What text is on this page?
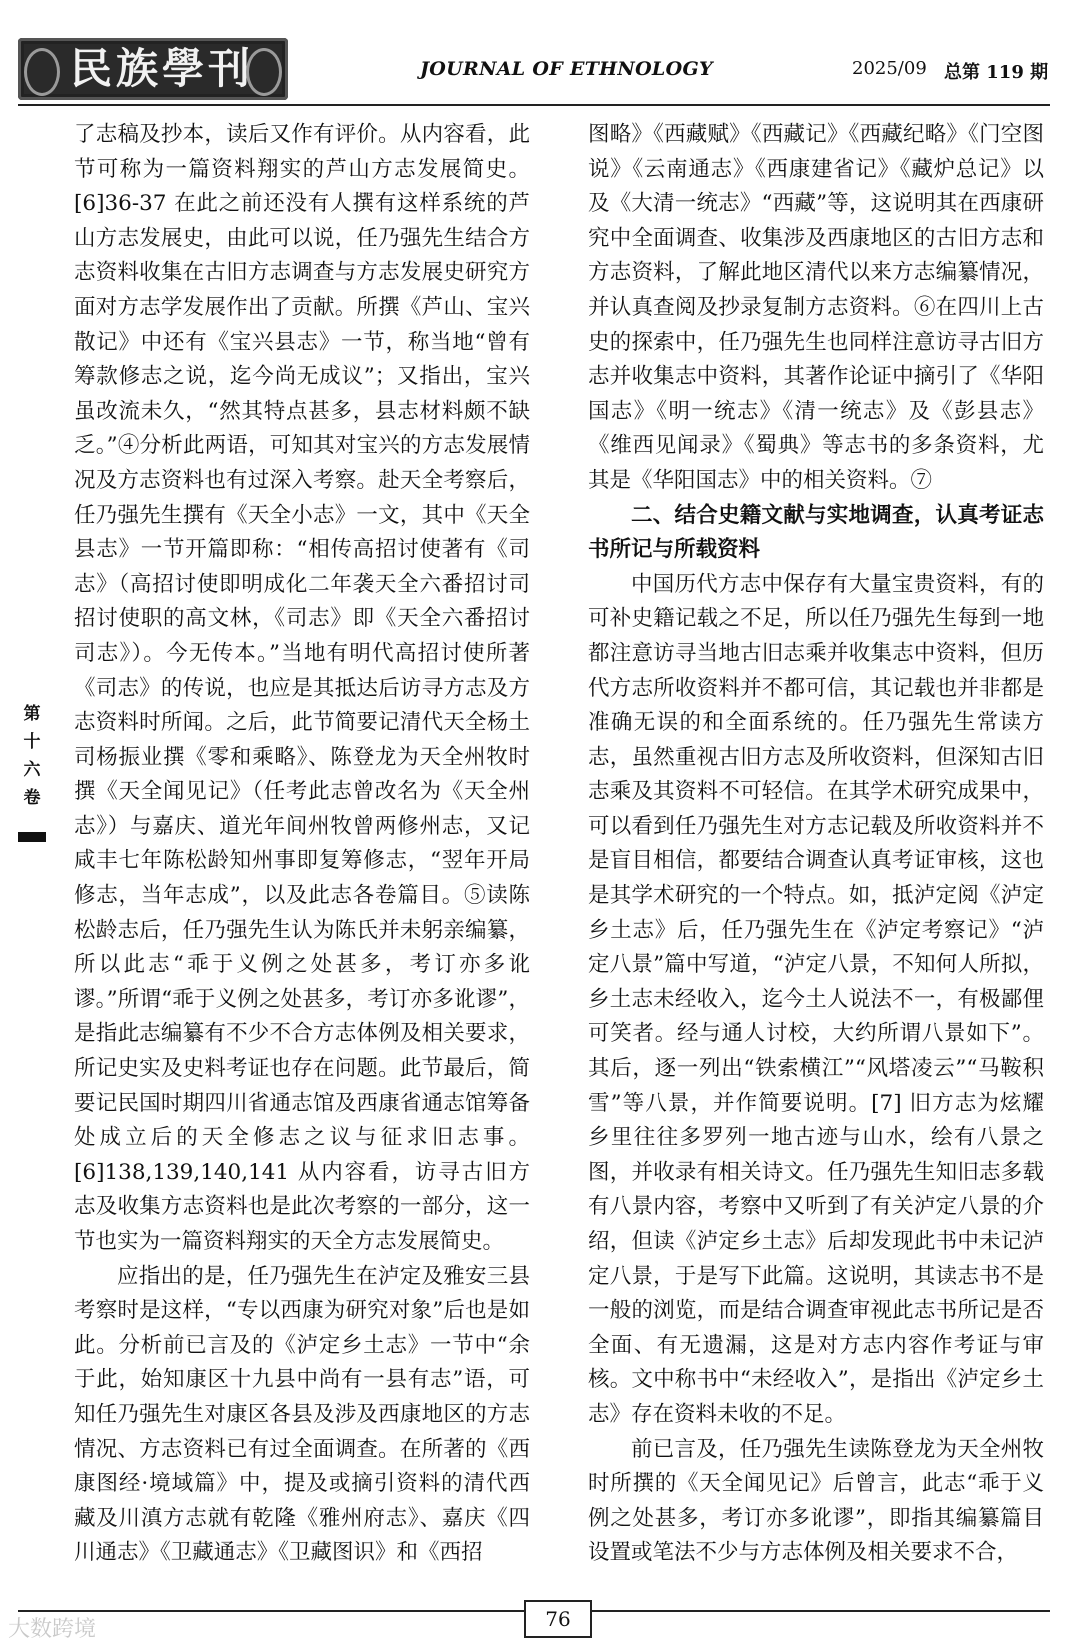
民族學刊	JOURNAL OF ETHNOLOGY	2025/09 总第 119 期
第
十
六
卷

了志稿及抄本，读后又作有评价。从内容看，此节可称为一篇资料翔实的芦山方志发展简史。[6]36-37 在此之前还没有人撰有这样系统的芦山方志发展史，由此可以说，任乃强先生结合方志资料收集在古旧方志调查与方志发展史研究方面对方志学发展作出了贡献。所撰《芦山、宝兴散记》中还有《宝兴县志》一节，称当地“曾有筹款修志之说，迄今尚无成议”；又指出，宝兴虽改流未久，“然其特点甚多，县志材料颇不缺乏。”④分析此两语，可知其对宝兴的方志发展情况及方志资料也有过深入考察。赴天全考察后，任乃强先生撰有《天全小志》一文，其中《天全县志》一节开篇即称：“相传高招讨使著有《司志》（高招讨使即明成化二年袭天全六番招讨司招讨使职的高文林，《司志》即《天全六番招讨司志》）。今无传本。”当地有明代高招讨使所著《司志》的传说，也应是其抵达后访寻方志及方志资料时所闻。之后，此节简要记清代天全杨土司杨振业撰《零和乘略》、陈登龙为天全州牧时撰《天全闻见记》（任考此志曾改名为《天全州志》）与嘉庆、道光年间州牧曾两修州志，又记咸丰七年陈松龄知州事即复筹修志，“翌年开局修志，当年志成”，以及此志各卷篇目。⑤读陈松龄志后，任乃强先生认为陈氏并未躬亲编纂，所以此志“乖于义例之处甚多，考订亦多讹谬。”所谓“乖于义例之处甚多，考订亦多讹谬”，是指此志编纂有不少不合方志体例及相关要求，所记史实及史料考证也存在问题。此节最后，简要记民国时期四川省通志馆及西康省通志馆筹备处成立后的天全修志之议与征求旧志事。[6]138,139,140,141 从内容看，访寻古旧方志及收集方志资料也是此次考察的一部分，这一节也实为一篇资料翔实的天全方志发展简史。

应指出的是，任乃强先生在泸定及雅安三县考察时是这样，“专以西康为研究对象”后也是如此。分析前已言及的《泸定乡土志》一节中“余于此，始知康区十九县中尚有一县有志”语，可知任乃强先生对康区各县及涉及西康地区的方志情况、方志资料已有过全面调查。在所著的《西康图经·境域篇》中，提及或摘引资料的清代西藏及川滇方志就有乾隆《雅州府志》、嘉庆《四川通志》《卫藏通志》《卫藏图识》和《西招

图略》《西藏赋》《西藏记》《西藏纪略》《门空图说》《云南通志》《西康建省记》《藏炉总记》以及《大清一统志》“西藏”等，这说明其在西康研究中全面调查、收集涉及西康地区的古旧方志和方志资料，了解此地区清代以来方志编纂情况，并认真查阅及抄录复制方志资料。⑥在四川上古史的探索中，任乃强先生也同样注意访寻古旧方志并收集志中资料，其著作论证中摘引了《华阳国志》《明一统志》《清一统志》及《彭县志》《维西见闻录》《蜀典》等志书的多条资料，尤其是《华阳国志》中的相关资料。⑦

二、结合史籍文献与实地调查，认真考证志书所记与所载资料

中国历代方志中保存有大量宝贵资料，有的可补史籍记载之不足，所以任乃强先生每到一地都注意访寻当地古旧志乘并收集志中资料，但历代方志所收资料并不都可信，其记载也并非都是准确无误的和全面系统的。任乃强先生常读方志，虽然重视古旧方志及所收资料，但深知古旧志乘及其资料不可轻信。在其学术研究成果中，可以看到任乃强先生对方志记载及所收资料并不是盲目相信，都要结合调查认真考证审核，这也是其学术研究的一个特点。如，抵泸定阅《泸定乡土志》后，任乃强先生在《泸定考察记》“泸定八景”篇中写道，“泸定八景，不知何人所拟，乡土志未经收入，迄今土人说法不一，有极鄙俚可笑者。经与通人讨校，大约所谓八景如下”。其后，逐一列出“铁索横江”“风塔凌云”“马鞍积雪”等八景，并作简要说明。[7] 旧方志为炫耀乡里往往多罗列一地古迹与山水，绘有八景之图，并收录有相关诗文。任乃强先生知旧志多载有八景内容，考察中又听到了有关泸定八景的介绍，但读《泸定乡土志》后却发现此书中未记泸定八景，于是写下此篇。这说明，其读志书不是一般的浏览，而是结合调查审视此志书所记是否全面、有无遗漏，这是对方志内容作考证与审核。文中称书中“未经收入”，是指出《泸定乡土志》存在资料未收的不足。

前已言及，任乃强先生读陈登龙为天全州牧时所撰的《天全闻见记》后曾言，此志“乖于义例之处甚多，考订亦多讹谬”，即指其编纂篇目设置或笔法不少与方志体例及相关要求不合，

76
大数跨境
